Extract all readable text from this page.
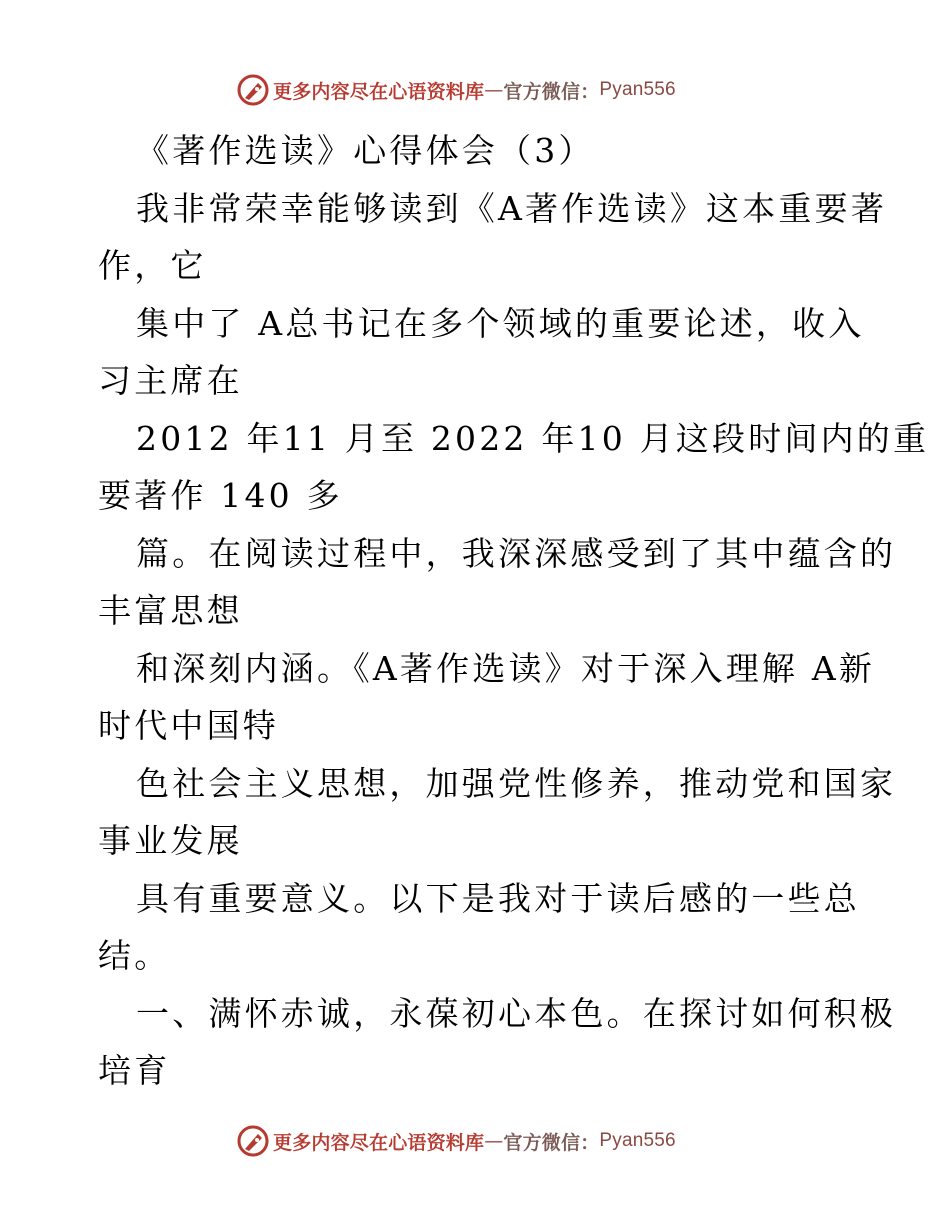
更多内容尽在心语资料库 — 官方微信： Pyan556
《著作选读》心得体会（3）
我非常荣幸能够读到《A著作选读》这本重要著
作，它
集中了 A总书记在多个领域的重要论述，收入
习主席在
2012 年11 月至 2022 年10 月这段时间内的重
要著作 140 多
篇。在阅读过程中，我深深感受到了其中蕴含的
丰富思想
和深刻内涵。《A著作选读》对于深入理解 A新
时代中国特
色社会主义思想，加强党性修养，推动党和国家
事业发展
具有重要意义。以下是我对于读后感的一些总
结。
一、满怀赤诚，永葆初心本色。在探讨如何积极
培育
更多内容尽在心语资料库 — 官方微信： Pyan556
